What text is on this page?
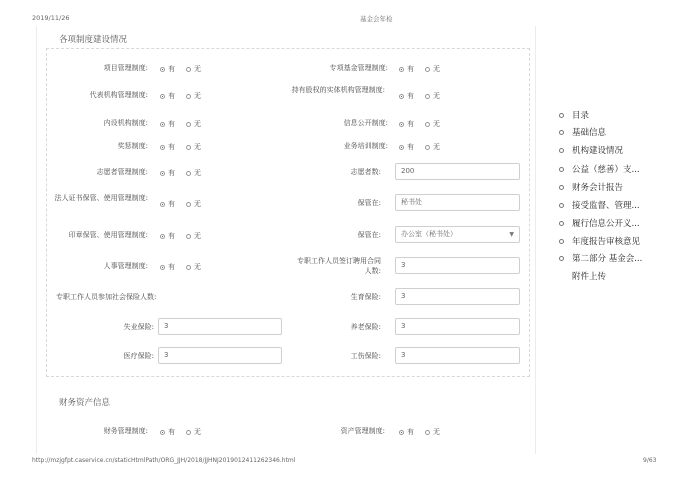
2019/11/26	基金会年检
各项制度建设情况
项目管理制度:	有	无	专项基金管理制度:	有	无
代表机构管理制度:	有	无
持有股权的实体机构管理制度:
有	无
内设机构制度:	有	无	信息公开制度:	有	无
奖惩制度:	有	无	业务培训制度:	有	无
志愿者管理制度:	有	无	志愿者数:	200
法人证书保管、使用管理制度:
有	无	保管在:	秘书处
印章保管、使用管理制度:	有	无	保管在:	办公室（秘书处）	▼
人事管理制度:	有	无
专职工作人员签订聘用合同人数:
3
专职工作人员参加社会保险人数:	生育保险:	3
失业保险:	3	养老保险:	3
医疗保险:	3	工伤保险:	3
财务资产信息
财务管理制度:	有	无	资产管理制度:	有	无
目录
基础信息
机构建设情况
公益（慈善）支...
财务会计报告
接受监督、管理...
履行信息公开义...
年度报告审核意见
第二部分 基金会...
附件上传
http://mzjgfpt.caservice.cn/staticHtmlPath/ORG_JJH/2018/JJHNJ2019012411262346.html	9/63
